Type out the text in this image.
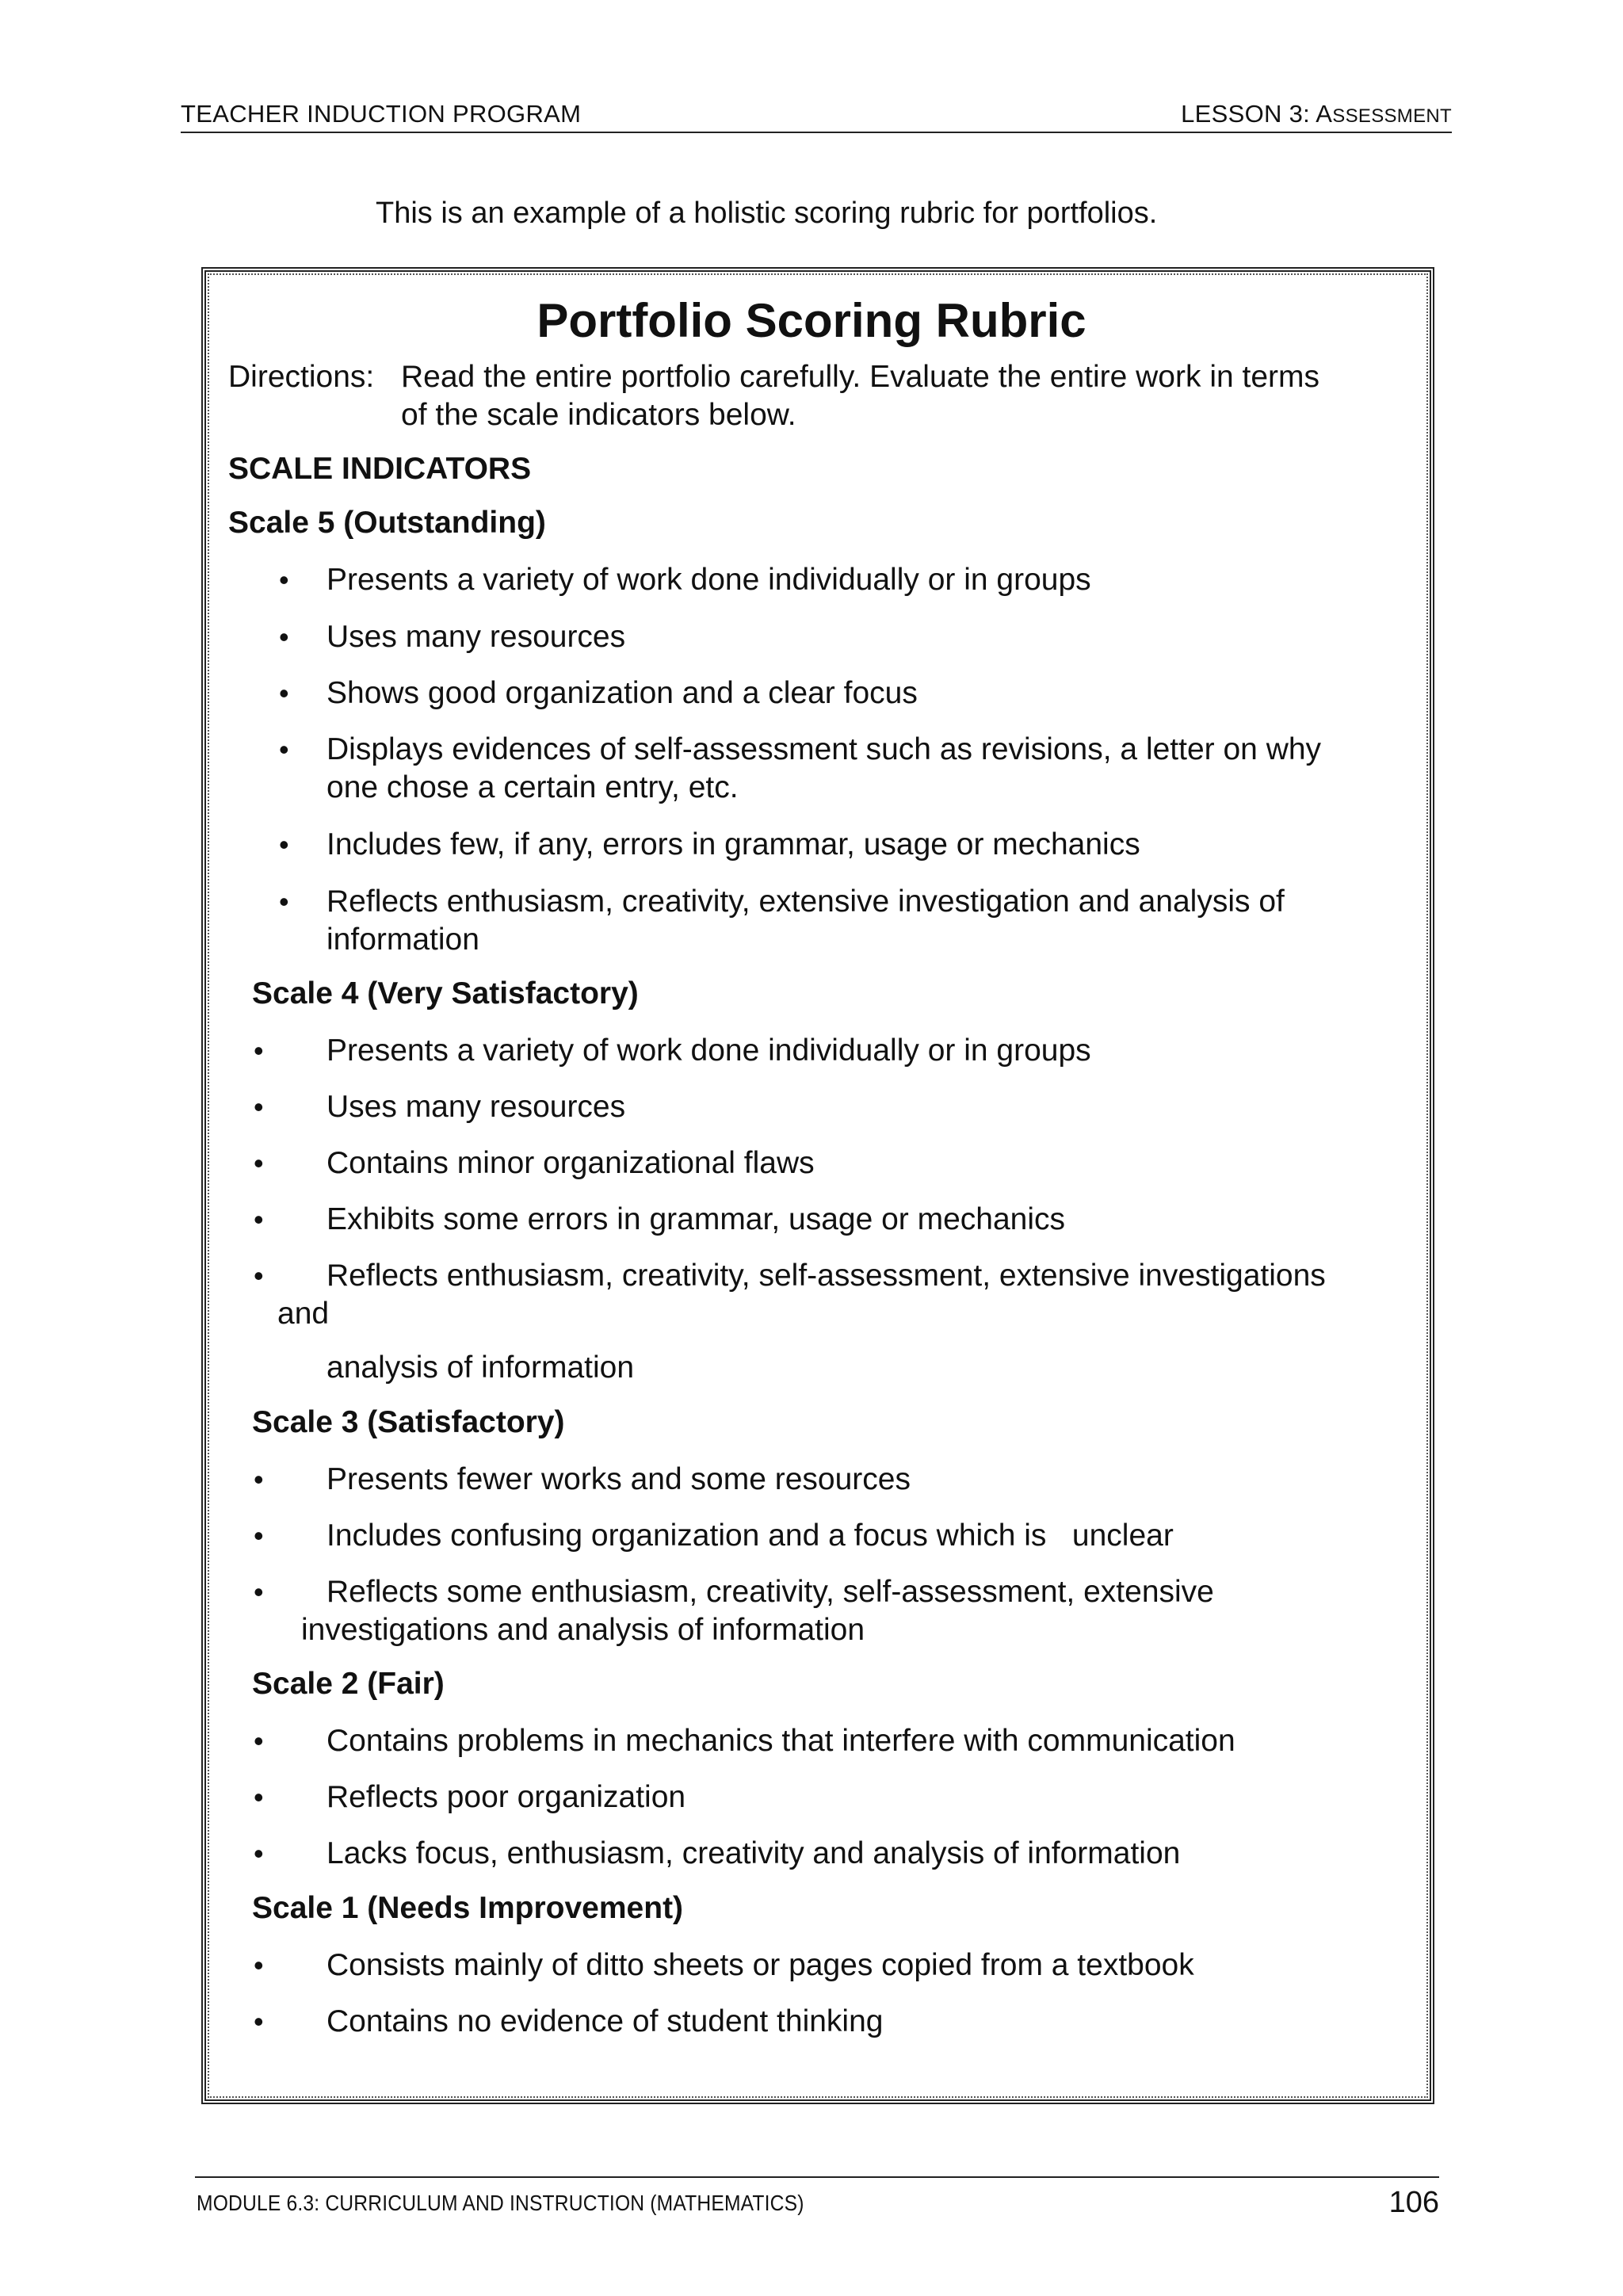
TEACHER INDUCTION PROGRAM	LESSON 3: ASSESSMENT
This is an example of a holistic scoring rubric for portfolios.
Portfolio Scoring Rubric
Directions: Read the entire portfolio carefully. Evaluate the entire work in terms
of the scale indicators below.
SCALE INDICATORS
Scale 5 (Outstanding)
• Presents a variety of work done individually or in groups
• Uses many resources
• Shows good organization and a clear focus
• Displays evidences of self-assessment such as revisions, a letter on why
one chose a certain entry, etc.
• Includes few, if any, errors in grammar, usage or mechanics
• Reflects enthusiasm, creativity, extensive investigation and analysis of
information
Scale 4 (Very Satisfactory)
• Presents a variety of work done individually or in groups
• Uses many resources
• Contains minor organizational flaws
• Exhibits some errors in grammar, usage or mechanics
• Reflects enthusiasm, creativity, self-assessment, extensive investigations
and
analysis of information
Scale 3 (Satisfactory)
• Presents fewer works and some resources
• Includes confusing organization and a focus which is   unclear
• Reflects some enthusiasm, creativity, self-assessment, extensive
investigations and analysis of information
Scale 2 (Fair)
• Contains problems in mechanics that interfere with communication
• Reflects poor organization
• Lacks focus, enthusiasm, creativity and analysis of information
Scale 1 (Needs Improvement)
• Consists mainly of ditto sheets or pages copied from a textbook
• Contains no evidence of student thinking
MODULE 6.3: CURRICULUM AND INSTRUCTION (MATHEMATICS)	106
